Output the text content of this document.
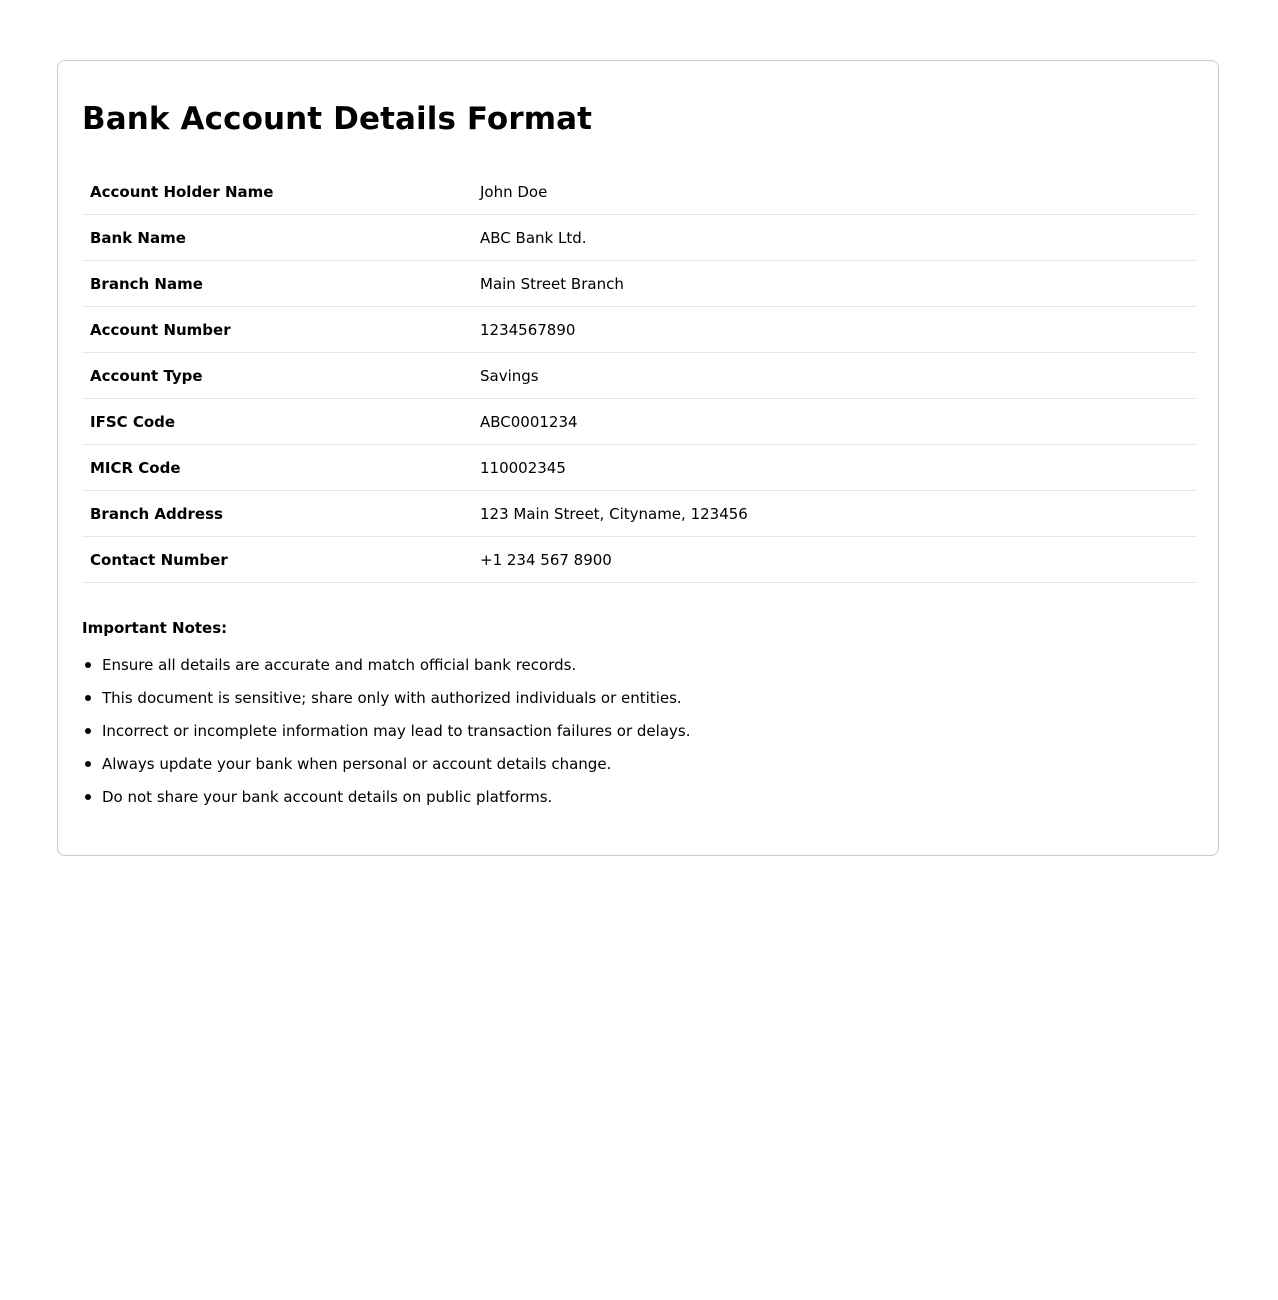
Bank Account Details Format
Account Holder Name	John Doe
Bank Name	ABC Bank Ltd.
Branch Name	Main Street Branch
Account Number	1234567890
Account Type	Savings
IFSC Code	ABC0001234
MICR Code	110002345
Branch Address	123 Main Street, Cityname, 123456
Contact Number	+1 234 567 8900
Important Notes:
Ensure all details are accurate and match official bank records.
This document is sensitive; share only with authorized individuals or entities.
Incorrect or incomplete information may lead to transaction failures or delays.
Always update your bank when personal or account details change.
Do not share your bank account details on public platforms.
